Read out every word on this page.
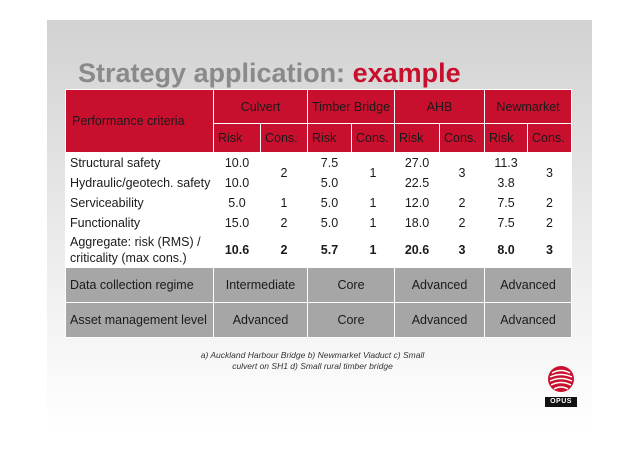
Strategy application: example
Performance criteria	Culvert		Timber Bridge		AHB		Newmarket	
	Risk	Cons.	Risk	Cons.	Risk	Cons.	Risk	Cons.
Structural safety	10.0	2	7.5	1	27.0	3	11.3	3
Hydraulic/geotech. safety	10.0		5.0		22.5		3.8	
Serviceability	5.0	1	5.0	1	12.0	2	7.5	2
Functionality	15.0	2	5.0	1	18.0	2	7.5	2
Aggregate: risk (RMS) / criticality (max cons.)	10.6	2	5.7	1	20.6	3	8.0	3
Data collection regime	Intermediate		Core		Advanced		Advanced	
Asset management level	Advanced		Core		Advanced		Advanced	
a) Auckland Harbour Bridge b) Newmarket Viaduct c) Small culvert on SH1 d) Small rural timber bridge
OPUS
